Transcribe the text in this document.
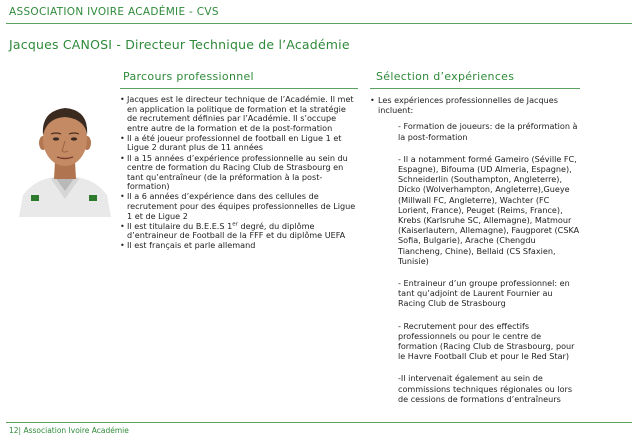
ASSOCIATION IVOIRE ACADÉMIE - CVS
Jacques CANOSI - Directeur Technique de l’Académie
Parcours professionnel	Sélection d’expériences
• Jacques est le directeur technique de l’Académie. Il met en application la politique de formation et la stratégie de recrutement définies par l’Académie. Il s’occupe entre autre de la formation et de la post-formation
• Il a été joueur professionnel de football en Ligue 1 et Ligue 2 durant plus de 11 années
• Il a 15 années d’expérience professionnelle au sein du centre de formation du Racing Club de Strasbourg en tant qu’entraîneur (de la préformation à la post-formation)
• Il a 6 années d’expérience dans des cellules de recrutement pour des équipes professionnelles de Ligue 1 et de Ligue 2
• Il est titulaire du B.E.E.S 1er degré, du diplôme d’entraineur de Football de la FFF et du diplôme UEFA
• Il est français et parle allemand
• Les expériences professionnelles de Jacques incluent:
- Formation de joueurs: de la préformation à la post-formation
- Il a notamment formé Gameiro (Séville FC, Espagne), Bifouma (UD Almeria, Espagne), Schneiderlin (Southampton, Angleterre), Dicko (Wolverhampton, Angleterre),Gueye (Millwall FC, Angleterre), Wachter (FC Lorient, France), Peuget (Reims, France), Krebs (Karlsruhe SC, Allemagne), Matmour (Kaiserlautern, Allemagne), Faugporet (CSKA Sofia, Bulgarie), Arache (Chengdu Tiancheng, Chine), Bellaid (CS Sfaxien, Tunisie)
- Entraineur d’un groupe professionnel: en tant qu’adjoint de Laurent Fournier au Racing Club de Strasbourg
- Recrutement pour des effectifs professionnels ou pour le centre de formation (Racing Club de Strasbourg, pour le Havre Football Club et pour le Red Star)
-Il intervenait également au sein de commissions techniques régionales ou lors de cessions de formations d’entraîneurs
12| Association Ivoire Académie
